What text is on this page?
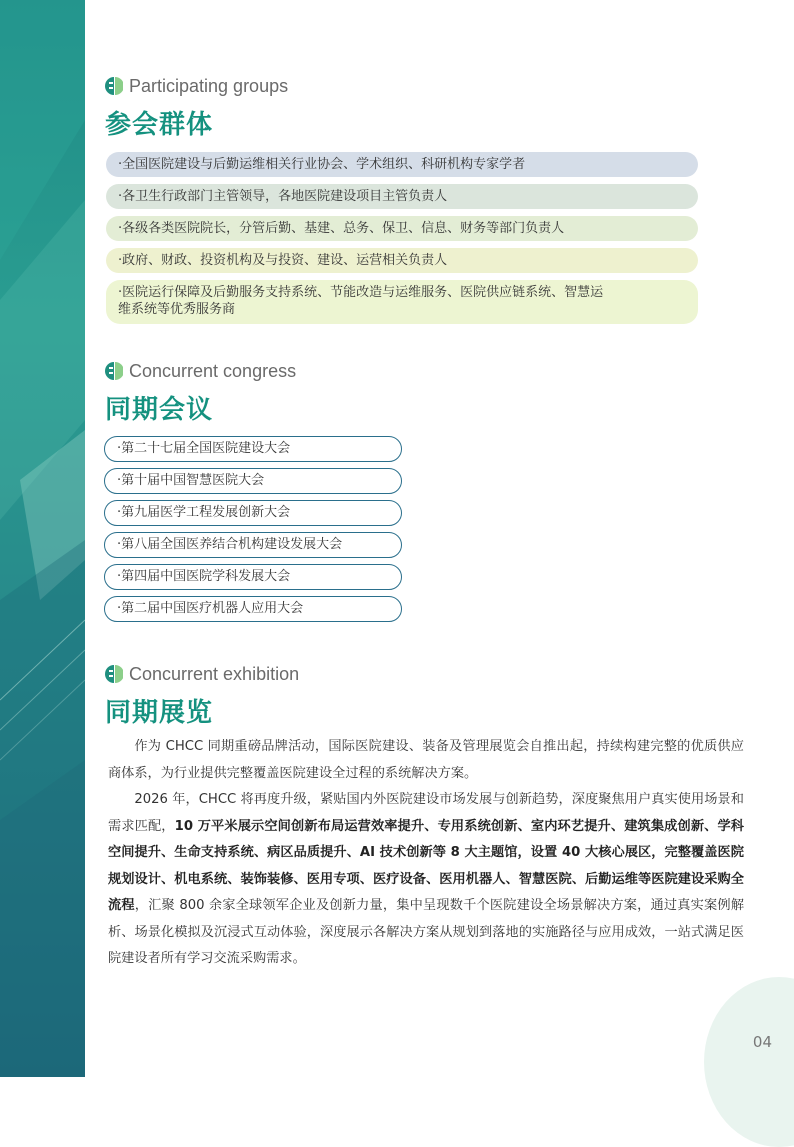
04
Participating groups
参会群体
·全国医院建设与后勤运维相关行业协会、学术组织、科研机构专家学者
·各卫生行政部门主管领导，各地医院建设项目主管负责人
·各级各类医院院长，分管后勤、基建、总务、保卫、信息、财务等部门负责人
·政府、财政、投资机构及与投资、建设、运营相关负责人
·医院运行保障及后勤服务支持系统、节能改造与运维服务、医院供应链系统、智慧运维系统等优秀服务商
Concurrent congress
同期会议
·第二十七届全国医院建设大会
·第十届中国智慧医院大会
·第九届医学工程发展创新大会
·第八届全国医养结合机构建设发展大会
·第四届中国医院学科发展大会
·第二届中国医疗机器人应用大会
Concurrent exhibition
同期展览

作为 CHCC 同期重磅品牌活动，国际医院建设、装备及管理展览会自推出起，持续构建完整的优质供应商体系，为行业提供完整覆盖医院建设全过程的系统解决方案。

2026 年，CHCC 将再度升级，紧贴国内外医院建设市场发展与创新趋势，深度聚焦用户真实使用场景和需求匹配，10 万平米展示空间创新布局运营效率提升、专用系统创新、室内环艺提升、建筑集成创新、学科空间提升、生命支持系统、病区品质提升、AI 技术创新等 8 大主题馆，设置 40 大核心展区，完整覆盖医院规划设计、机电系统、装饰装修、医用专项、医疗设备、医用机器人、智慧医院、后勤运维等医院建设采购全流程，汇聚 800 余家全球领军企业及创新力量，集中呈现数千个医院建设全场景解决方案，通过真实案例解析、场景化模拟及沉浸式互动体验，深度展示各解决方案从规划到落地的实施路径与应用成效，一站式满足医院建设者所有学习交流采购需求。
